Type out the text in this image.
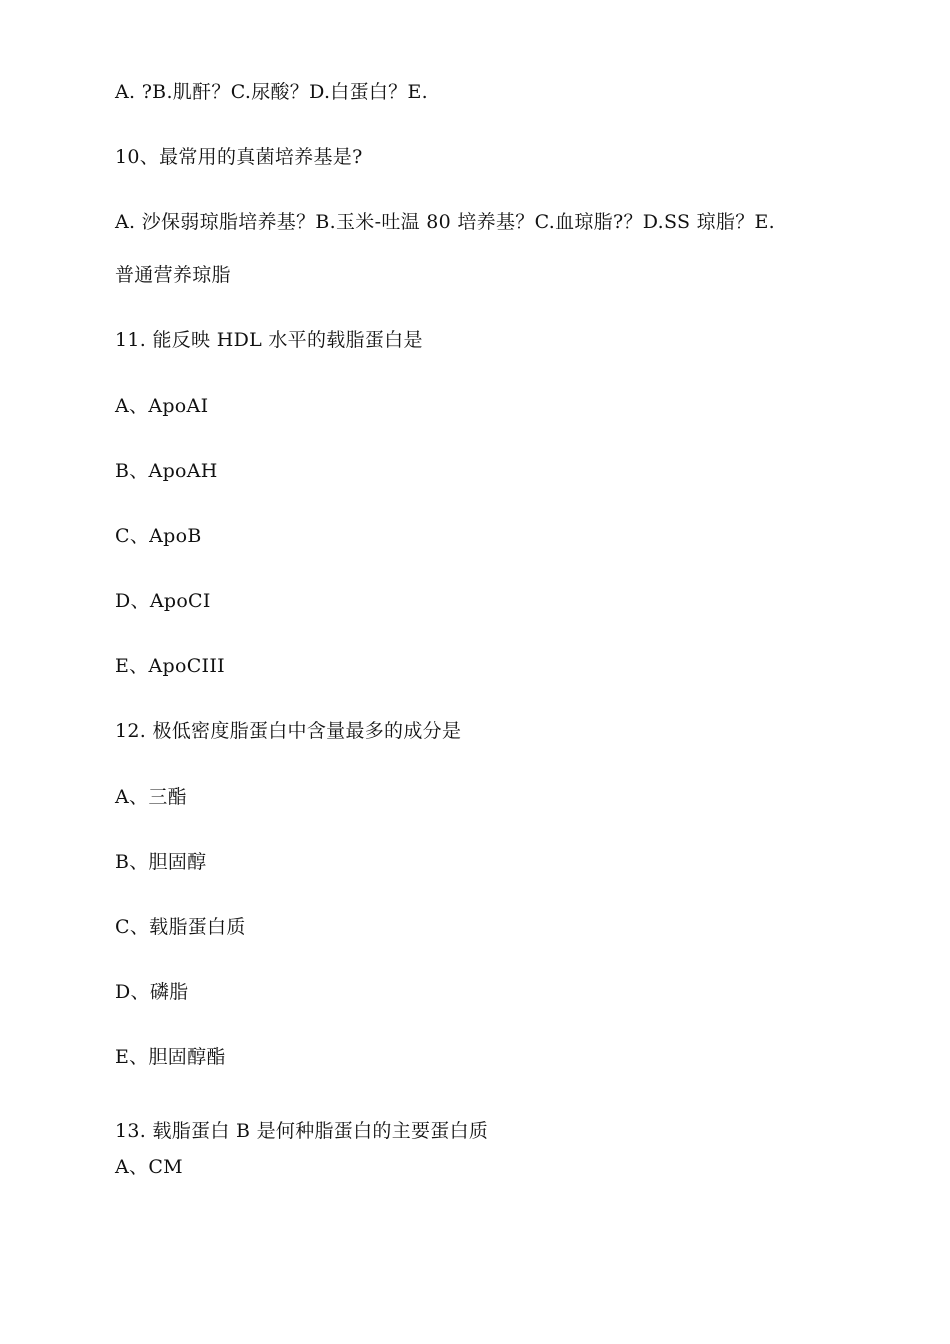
A. ?B.肌酐？C.尿酸？D.白蛋白？E.
10、最常用的真菌培养基是?
A. 沙保弱琼脂培养基？B.玉米-吐温 80 培养基？C.血琼脂?？D.SS 琼脂？E.
普通营养琼脂
11. 能反映 HDL 水平的载脂蛋白是
A、ApoAI
B、ApoAH
C、ApoB
D、ApoCI
E、ApoCIII
12. 极低密度脂蛋白中含量最多的成分是
A、三酯
B、胆固醇
C、载脂蛋白质
D、磷脂
E、胆固醇酯
13. 载脂蛋白 B 是何种脂蛋白的主要蛋白质
A、CM
